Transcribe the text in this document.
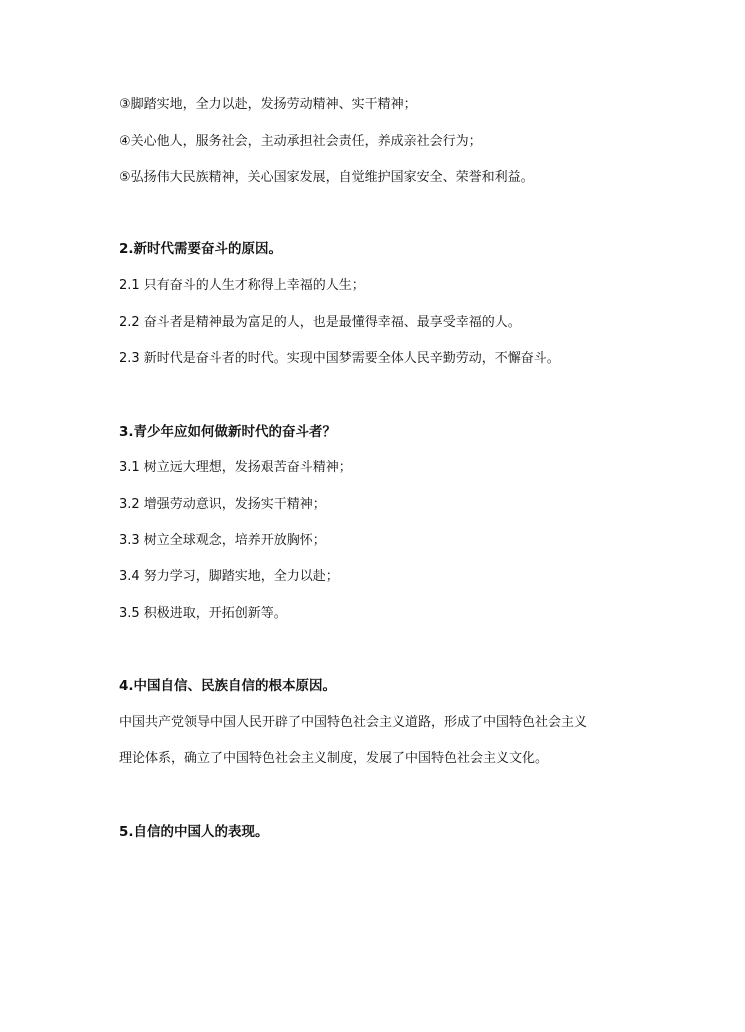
③脚踏实地，全力以赴，发扬劳动精神、实干精神；
④关心他人，服务社会，主动承担社会责任，养成亲社会行为；
⑤弘扬伟大民族精神，关心国家发展，自觉维护国家安全、荣誉和利益。
2.新时代需要奋斗的原因。
2.1 只有奋斗的人生才称得上幸福的人生；
2.2 奋斗者是精神最为富足的人，也是最懂得幸福、最享受幸福的人。
2.3 新时代是奋斗者的时代。实现中国梦需要全体人民辛勤劳动，不懈奋斗。
3.青少年应如何做新时代的奋斗者？
3.1 树立远大理想，发扬艰苦奋斗精神；
3.2 增强劳动意识，发扬实干精神；
3.3 树立全球观念，培养开放胸怀；
3.4 努力学习，脚踏实地，全力以赴；
3.5 积极进取，开拓创新等。
4.中国自信、民族自信的根本原因。
中国共产党领导中国人民开辟了中国特色社会主义道路，形成了中国特色社会主义
理论体系，确立了中国特色社会主义制度，发展了中国特色社会主义文化。
5.自信的中国人的表现。
